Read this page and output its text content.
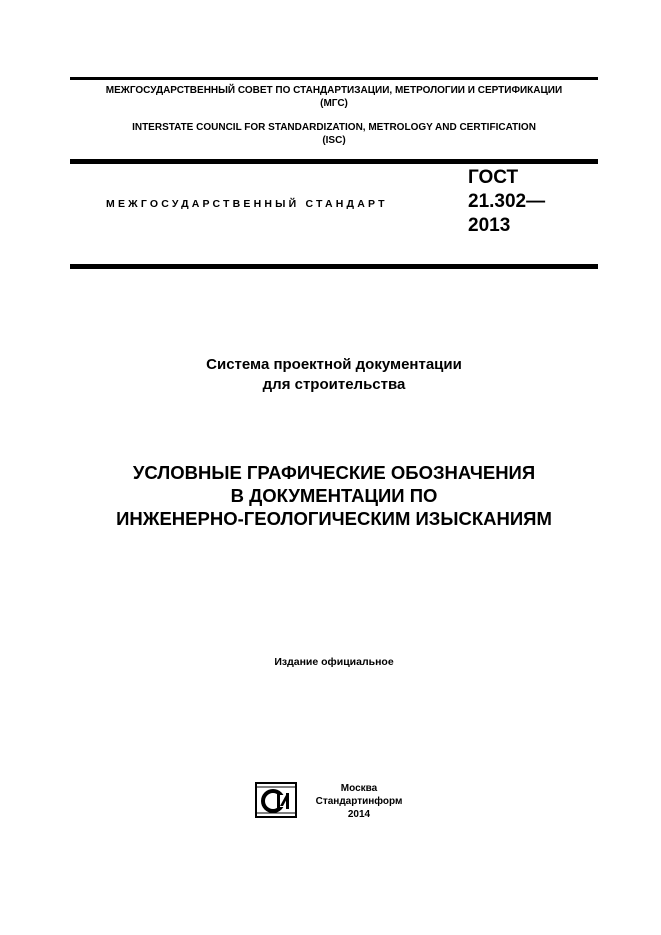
МЕЖГОСУДАРСТВЕННЫЙ СОВЕТ ПО СТАНДАРТИЗАЦИИ, МЕТРОЛОГИИ И СЕРТИФИКАЦИИ
(МГС)
INTERSTATE COUNCIL FOR STANDARDIZATION, METROLOGY AND CERTIFICATION
(ISC)
МЕЖГОСУДАРСТВЕННЫЙ СТАНДАРТ
ГОСТ
21.302—
2013
Система проектной документации
для строительства
УСЛОВНЫЕ ГРАФИЧЕСКИЕ ОБОЗНАЧЕНИЯ
В ДОКУМЕНТАЦИИ ПО
ИНЖЕНЕРНО-ГЕОЛОГИЧЕСКИМ ИЗЫСКАНИЯМ
Издание официальное
Москва
Стандартинформ
2014
